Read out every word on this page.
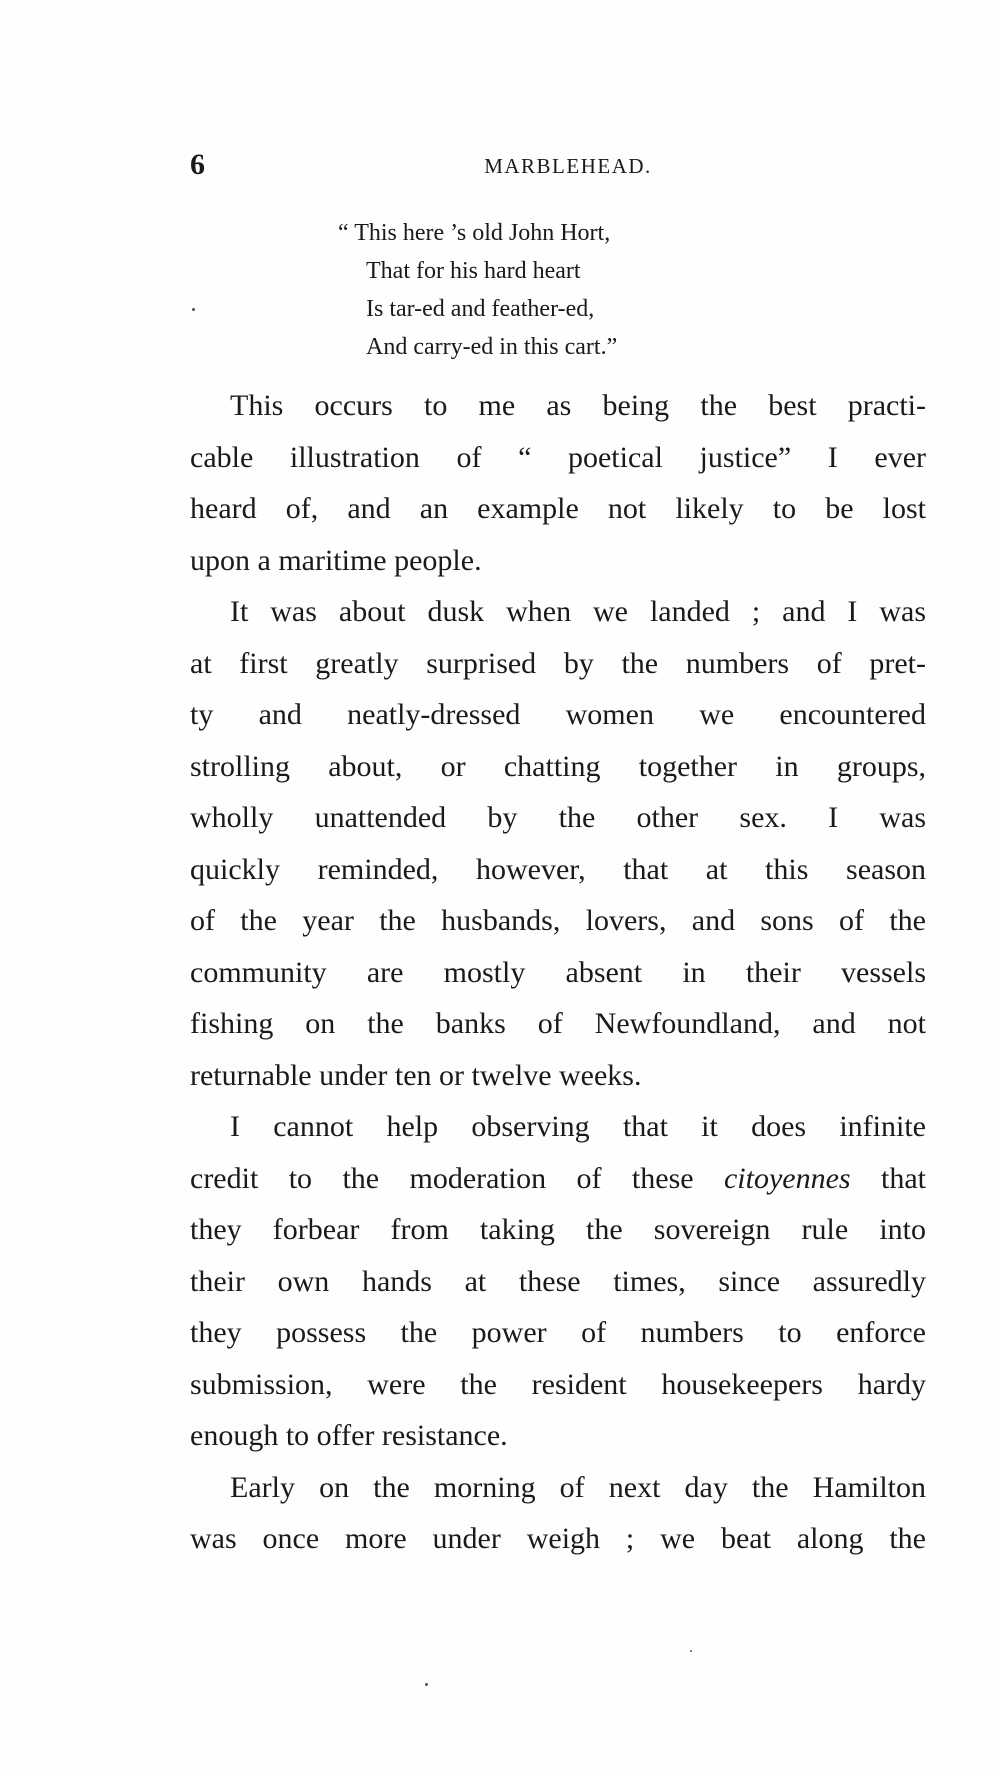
6	MARBLEHEAD.
“ This here ’s old John Hort,
That for his hard heart
Is tar-ed and feather-ed,
And carry-ed in this cart.”
This occurs to me as being the best practi-
cable illustration of “ poetical justice” I ever
heard of, and an example not likely to be lost
upon a maritime people.
It was about dusk when we landed ; and I was
at first greatly surprised by the numbers of pret-
ty and neatly-dressed women we encountered
strolling about, or chatting together in groups,
wholly unattended by the other sex. I was
quickly reminded, however, that at this season
of the year the husbands, lovers, and sons of the
community are mostly absent in their vessels
fishing on the banks of Newfoundland, and not
returnable under ten or twelve weeks.
I cannot help observing that it does infinite
credit to the moderation of these citoyennes that
they forbear from taking the sovereign rule into
their own hands at these times, since assuredly
they possess the power of numbers to enforce
submission, were the resident housekeepers hardy
enough to offer resistance.
Early on the morning of next day the Hamilton
was once more under weigh ; we beat along the
